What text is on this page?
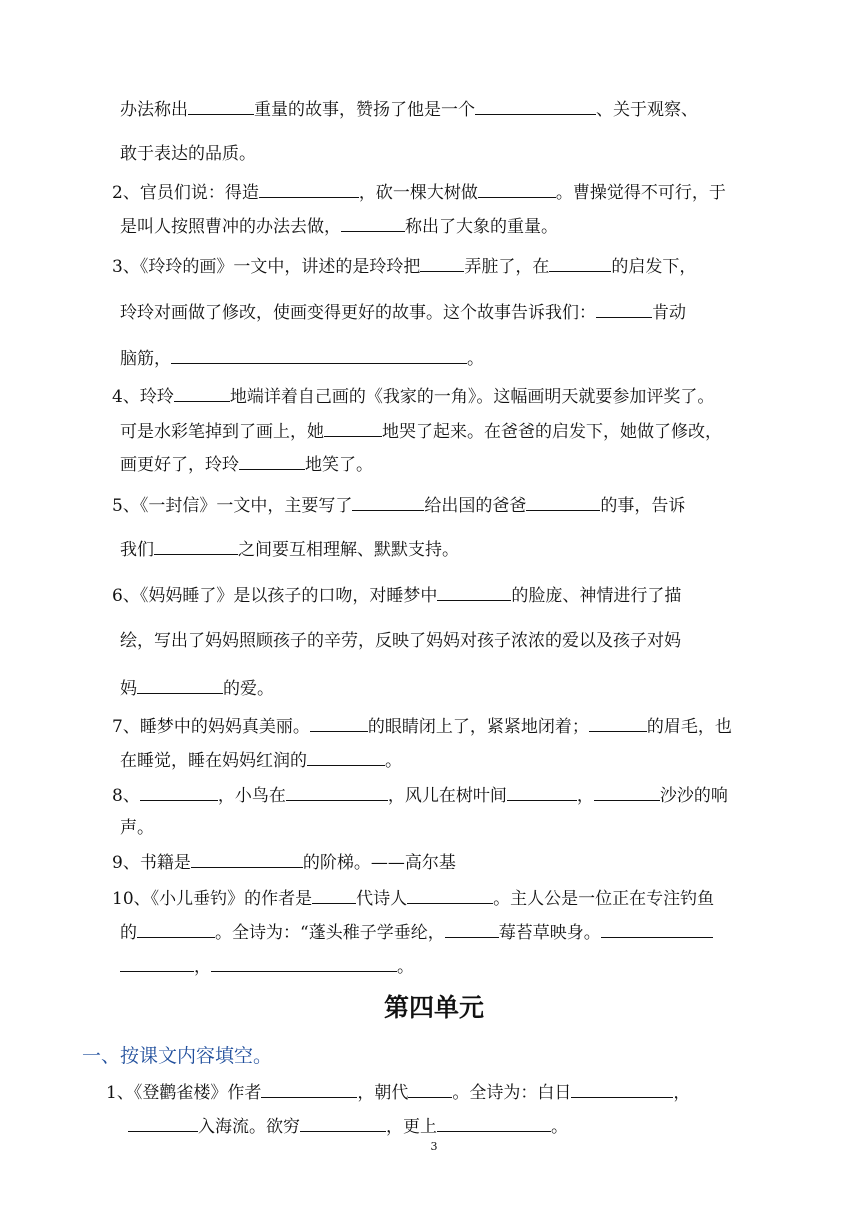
办法称出	重量的故事，赞扬了他是一个	、关于观察、
敢于表达的品质。
2、官员们说：得造	，砍一棵大树做	。曹操觉得不可行，于
是叫人按照曹冲的办法去做，	称出了大象的重量。
3、《玲玲的画》一文中，讲述的是玲玲把	弄脏了，在	的启发下，
玲玲对画做了修改，使画变得更好的故事。这个故事告诉我们：	肯动
脑筋，	。
4、玲玲	地端详着自己画的《我家的一角》。这幅画明天就要参加评奖了。
可是水彩笔掉到了画上，她	地哭了起来。在爸爸的启发下，她做了修改，
画更好了，玲玲	地笑了。
5、《一封信》一文中，主要写了	给出国的爸爸	的事，告诉
我们	之间要互相理解、默默支持。
6、《妈妈睡了》是以孩子的口吻，对睡梦中	的脸庞、神情进行了描
绘，写出了妈妈照顾孩子的辛劳，反映了妈妈对孩子浓浓的爱以及孩子对妈
妈	的爱。
7、睡梦中的妈妈真美丽。	的眼睛闭上了，紧紧地闭着；	的眉毛，也
在睡觉，睡在妈妈红润的	。
8、	，小鸟在	，风儿在树叶间	，	沙沙的响
声。
9、书籍是	的阶梯。——高尔基
10、《小儿垂钓》的作者是	代诗人	。主人公是一位正在专注钓鱼
的	。全诗为：“蓬头稚子学垂纶，	莓苔草映身。
，	。
第四单元
一、按课文内容填空。
1、《登鹳雀楼》作者	，朝代	。全诗为：白日	，
入海流。欲穷	，更上	。
3
